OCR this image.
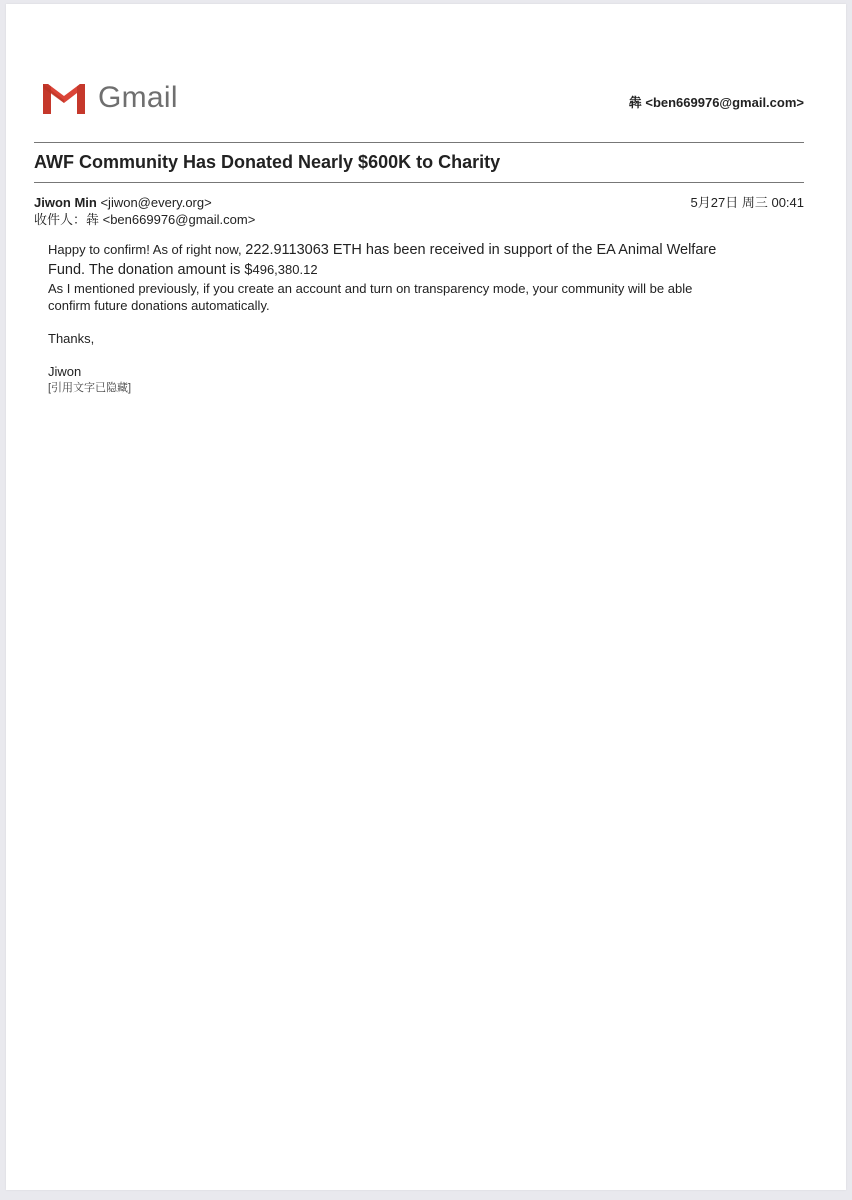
Gmail	犇 <ben669976@gmail.com>
AWF Community Has Donated Nearly $600K to Charity
Jiwon Min <jiwon@every.org>
收件人：犇 <ben669976@gmail.com>
5月27日 周三 00:41

Happy to confirm! As of right now, 222.9113063 ETH has been received in support of the EA Animal Welfare

Fund. The donation amount is $496,380.12

As I mentioned previously, if you create an account and turn on transparency mode, your community will be able

confirm future donations automatically.

Thanks,

Jiwon

[引用文字已隐藏]
